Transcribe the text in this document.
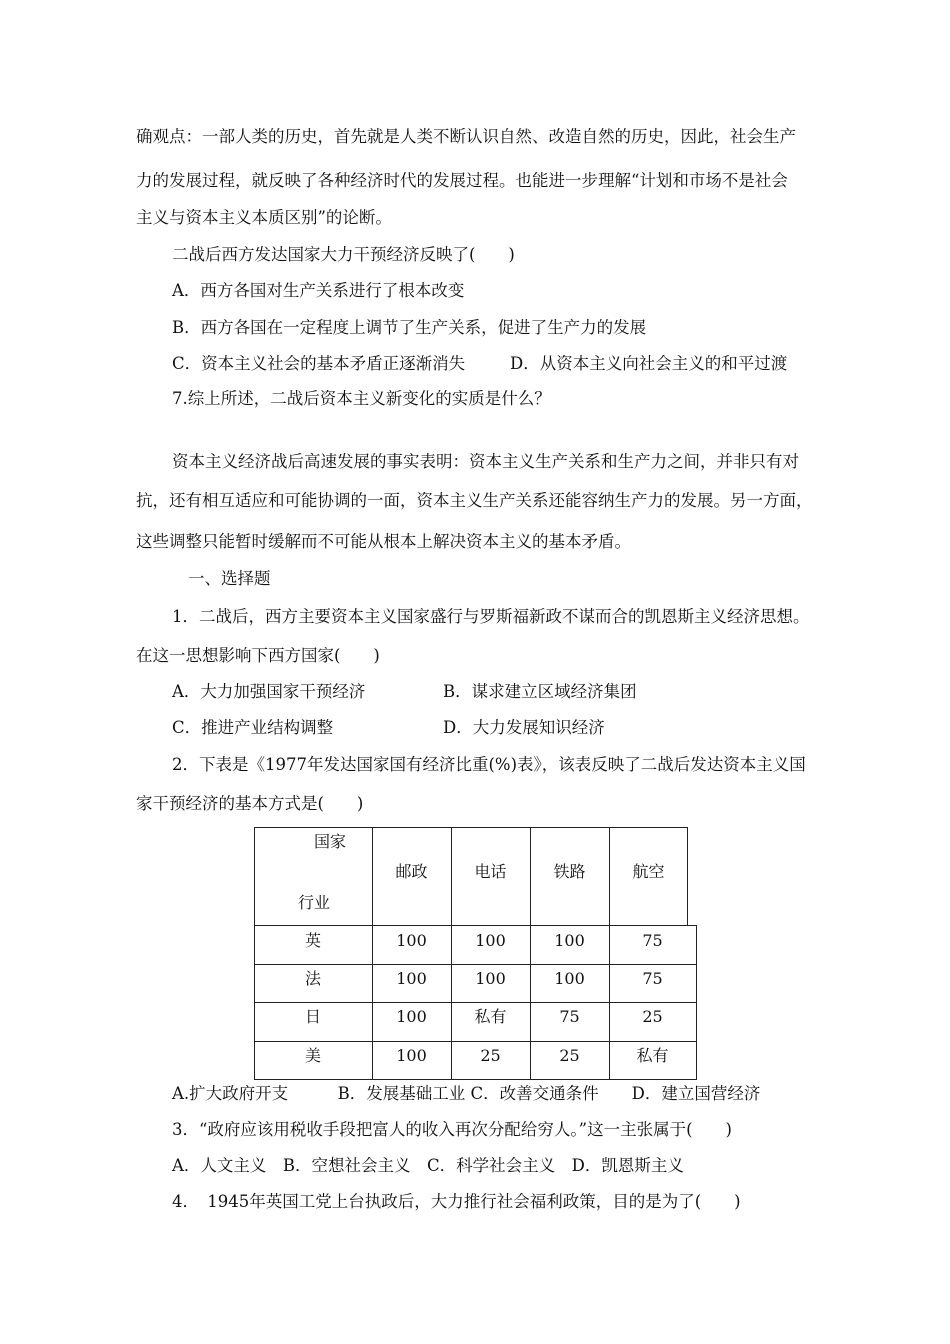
确观点：一部人类的历史，首先就是人类不断认识自然、改造自然的历史，因此，社会生产
力的发展过程，就反映了各种经济时代的发展过程。也能进一步理解“计划和市场不是社会
主义与资本主义本质区别”的论断。
二战后西方发达国家大力干预经济反映了(　　)
A．西方各国对生产关系进行了根本改变
B．西方各国在一定程度上调节了生产关系，促进了生产力的发展
C．资本主义社会的基本矛盾正逐渐消失	D．从资本主义向社会主义的和平过渡
7.综上所述，二战后资本主义新变化的实质是什么？
资本主义经济战后高速发展的事实表明：资本主义生产关系和生产力之间，并非只有对
抗，还有相互适应和可能协调的一面，资本主义生产关系还能容纳生产力的发展。另一方面，
这些调整只能暂时缓解而不可能从根本上解决资本主义的基本矛盾。
一、选择题
1．二战后，西方主要资本主义国家盛行与罗斯福新政不谋而合的凯恩斯主义经济思想。
在这一思想影响下西方国家(　　)
A．大力加强国家干预经济	B．谋求建立区域经济集团
C．推进产业结构调整	D．大力发展知识经济
2．下表是《1977年发达国家国有经济比重(%)表》，该表反映了二战后发达资本主义国
家干预经济的基本方式是(　　)
国家
行业
邮政	电话	铁路	航空
英	100	100	100	75
法	100	100	100	75
日	100	私有	75	25
美	100	25	25	私有
A.扩大政府开支　　　B．发展基础工业 C．改善交通条件　　D．建立国营经济
3．“政府应该用税收手段把富人的收入再次分配给穷人。”这一主张属于(　　)
A．人文主义　B．空想社会主义　C．科学社会主义　D．凯恩斯主义
4．　1945年英国工党上台执政后，大力推行社会福利政策，目的是为了(　　)
